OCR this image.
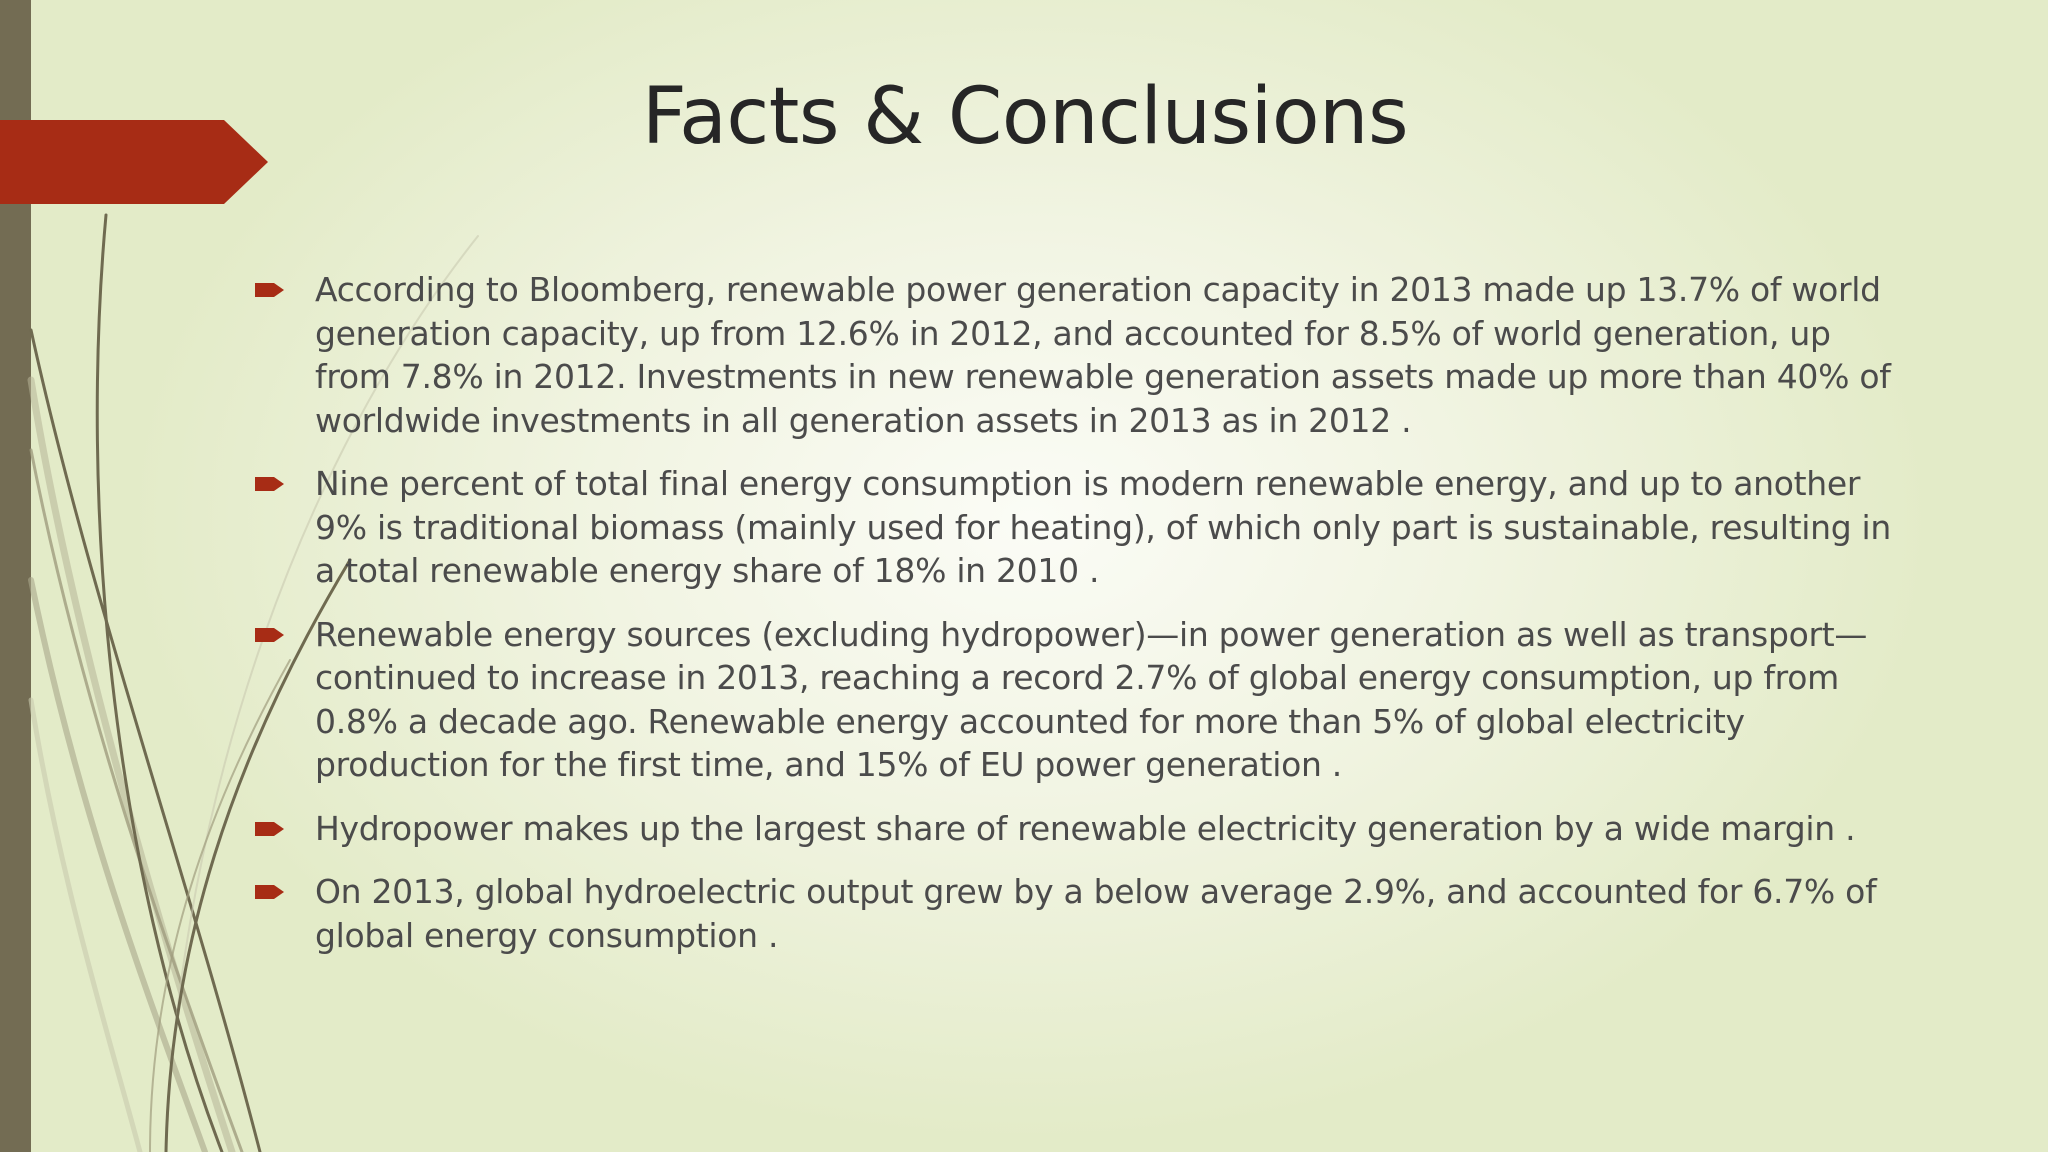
Facts & Conclusions
According to Bloomberg, renewable power generation capacity in 2013 made up 13.7% of world generation capacity, up from 12.6% in 2012, and accounted for 8.5% of world generation, up from 7.8% in 2012. Investments in new renewable generation assets made up more than 40% of worldwide investments in all generation assets in 2013 as in 2012 .
Nine percent of total final energy consumption is modern renewable energy, and up to another 9% is traditional biomass (mainly used for heating), of which only part is sustainable, resulting in a total renewable energy share of 18% in 2010 .
Renewable energy sources (excluding hydropower)—in power generation as well as transport—continued to increase in 2013, reaching a record 2.7% of global energy consumption, up from 0.8% a decade ago. Renewable energy accounted for more than 5% of global electricity production for the first time, and 15% of EU power generation .
Hydropower makes up the largest share of renewable electricity generation by a wide margin .
On 2013, global hydroelectric output grew by a below average 2.9%, and accounted for 6.7% of global energy consumption .
